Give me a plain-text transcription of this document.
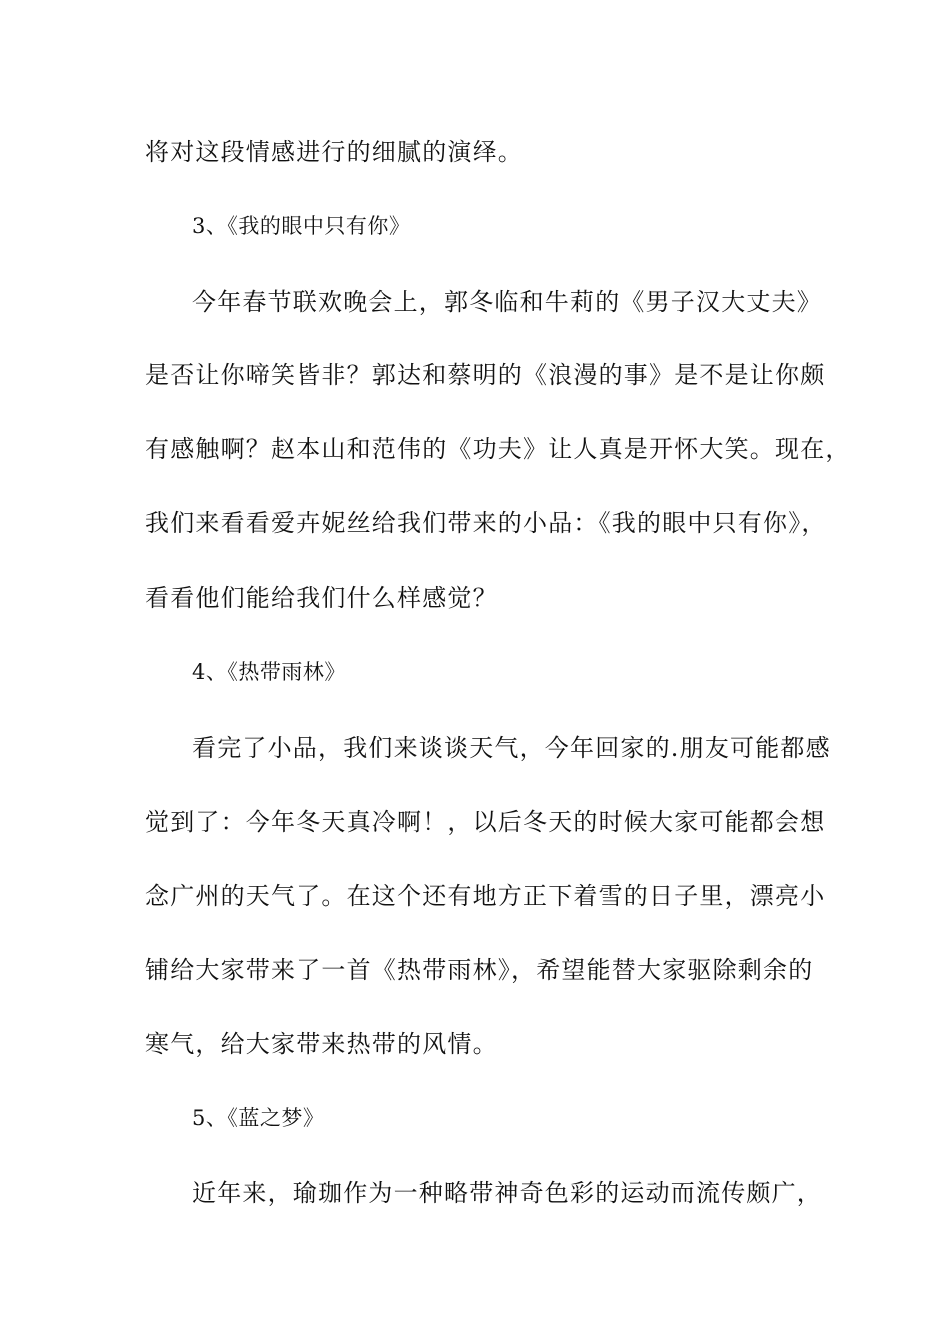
将对这段情感进行的细腻的演绎。
3、《我的眼中只有你》
今年春节联欢晚会上，郭冬临和牛莉的《男子汉大丈夫》
是否让你啼笑皆非？郭达和蔡明的《浪漫的事》是不是让你颇
有感触啊？赵本山和范伟的《功夫》让人真是开怀大笑。现在，
我们来看看爱卉妮丝给我们带来的小品：《我的眼中只有你》，
看看他们能给我们什么样感觉？
4、《热带雨林》
看完了小品，我们来谈谈天气，今年回家的.朋友可能都感
觉到了：今年冬天真冷啊！，以后冬天的时候大家可能都会想
念广州的天气了。在这个还有地方正下着雪的日子里，漂亮小
铺给大家带来了一首《热带雨林》，希望能替大家驱除剩余的
寒气，给大家带来热带的风情。
5、《蓝之梦》
近年来，瑜珈作为一种略带神奇色彩的运动而流传颇广，
